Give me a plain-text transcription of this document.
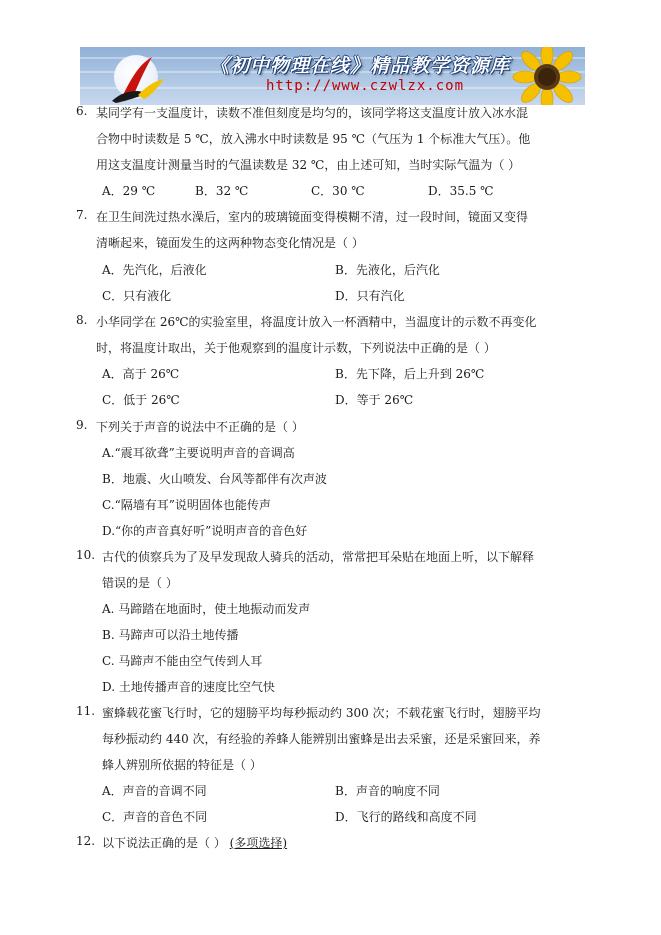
《初中物理在线》精品教学资源库
http://www.czwlzx.com
6. 某同学有一支温度计，读数不准但刻度是均匀的，该同学将这支温度计放入冰水混
合物中时读数是 5 ℃，放入沸水中时读数是 95 ℃（气压为 1 个标准大气压）。他
用这支温度计测量当时的气温读数是 32 ℃，由上述可知，当时实际气温为（ ）
A．29 ℃	B．32 ℃	C．30 ℃	D．35.5 ℃
7. 在卫生间洗过热水澡后，室内的玻璃镜面变得模糊不清，过一段时间，镜面又变得
清晰起来，镜面发生的这两种物态变化情况是（ ）
A．先汽化，后液化	B．先液化，后汽化
C．只有液化	D．只有汽化
8. 小华同学在 26℃的实验室里，将温度计放入一杯酒精中，当温度计的示数不再变化
时，将温度计取出，关于他观察到的温度计示数，下列说法中正确的是（ ）
A．高于 26℃	B．先下降，后上升到 26℃
C．低于 26℃	D．等于 26℃
9. 下列关于声音的说法中不正确的是（ ）
A.“震耳欲聋”主要说明声音的音调高
B．地震、火山喷发、台风等都伴有次声波
C.“隔墙有耳”说明固体也能传声
D.“你的声音真好听”说明声音的音色好
10. 古代的侦察兵为了及早发现敌人骑兵的活动，常常把耳朵贴在地面上听，以下解释
错误的是（ ）
A. 马蹄踏在地面时，使土地振动而发声
B. 马蹄声可以沿土地传播
C. 马蹄声不能由空气传到人耳
D. 土地传播声音的速度比空气快
11. 蜜蜂载花蜜飞行时，它的翅膀平均每秒振动约 300 次；不载花蜜飞行时，翅膀平均
每秒振动约 440 次，有经验的养蜂人能辨别出蜜蜂是出去采蜜，还是采蜜回来，养
蜂人辨别所依据的特征是（ ）
A．声音的音调不同	B．声音的响度不同
C．声音的音色不同	D．飞行的路线和高度不同
12. 以下说法正确的是（ ） (多项选择)
